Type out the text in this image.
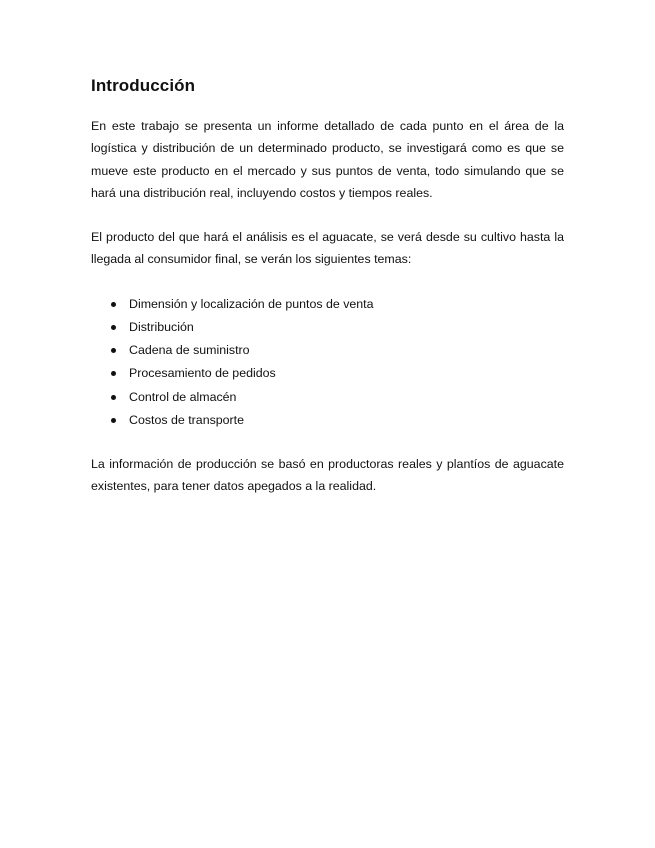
Introducción

En este trabajo se presenta un informe detallado de cada punto en el área de la logística y distribución de un determinado producto, se investigará como es que se mueve este producto en el mercado y sus puntos de venta, todo simulando que se hará una distribución real, incluyendo costos y tiempos reales.

El producto del que hará el análisis es el aguacate, se verá desde su cultivo hasta la llegada al consumidor final, se verán los siguientes temas:

Dimensión y localización de puntos de venta
Distribución
Cadena de suministro
Procesamiento de pedidos
Control de almacén
Costos de transporte

La información de producción se basó en productoras reales y plantíos de aguacate existentes, para tener datos apegados a la realidad.
